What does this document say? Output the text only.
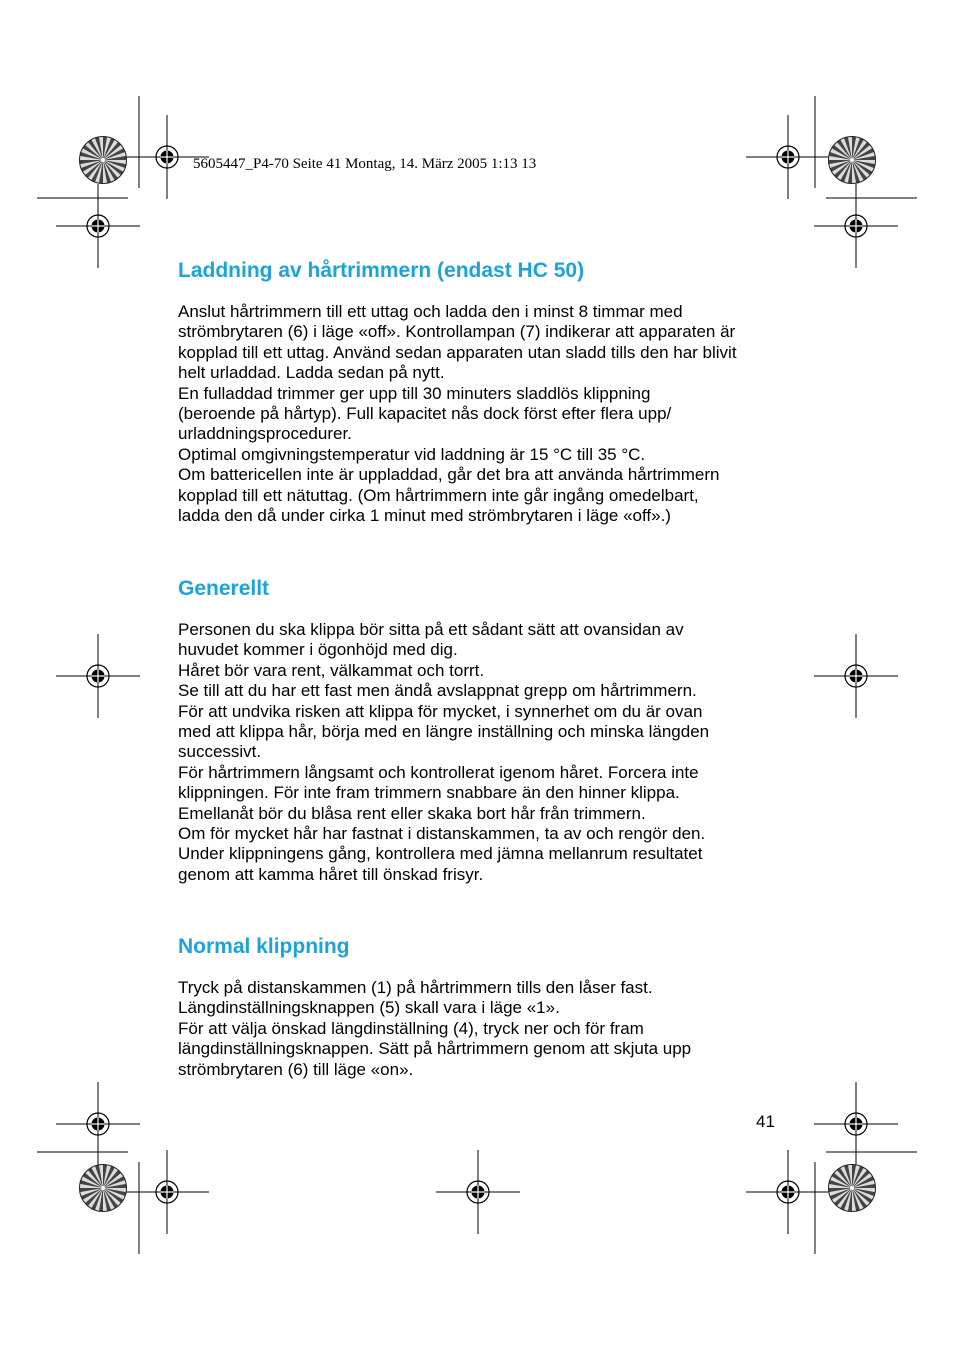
5605447_P4-70 Seite 41 Montag, 14. März 2005 1:13 13
Laddning av hårtrimmern (endast HC 50)
Anslut hårtrimmern till ett uttag och ladda den i minst 8 timmar med
strömbrytaren (6) i läge «off». Kontrollampan (7) indikerar att apparaten är
kopplad till ett uttag. Använd sedan apparaten utan sladd tills den har blivit
helt urladdad. Ladda sedan på nytt.
En fulladdad trimmer ger upp till 30 minuters sladdlös klippning
(beroende på hårtyp). Full kapacitet nås dock först efter flera upp/
urladdningsprocedurer.
Optimal omgivningstemperatur vid laddning är 15 °C till 35 °C.
Om battericellen inte är uppladdad, går det bra att använda hårtrimmern
kopplad till ett nätuttag. (Om hårtrimmern inte går ingång omedelbart,
ladda den då under cirka 1 minut med strömbrytaren i läge «off».)
Generellt
Personen du ska klippa bör sitta på ett sådant sätt att ovansidan av
huvudet kommer i ögonhöjd med dig.
Håret bör vara rent, välkammat och torrt.
Se till att du har ett fast men ändå avslappnat grepp om hårtrimmern.
För att undvika risken att klippa för mycket, i synnerhet om du är ovan
med att klippa hår, börja med en längre inställning och minska längden
successivt.
För hårtrimmern långsamt och kontrollerat igenom håret. Forcera inte
klippningen. För inte fram trimmern snabbare än den hinner klippa.
Emellanåt bör du blåsa rent eller skaka bort hår från trimmern.
Om för mycket hår har fastnat i distanskammen, ta av och rengör den.
Under klippningens gång, kontrollera med jämna mellanrum resultatet
genom att kamma håret till önskad frisyr.
Normal klippning
Tryck på distanskammen (1) på hårtrimmern tills den låser fast.
Längdinställningsknappen (5) skall vara i läge «1».
För att välja önskad längdinställning (4), tryck ner och för fram
längdinställningsknappen. Sätt på hårtrimmern genom att skjuta upp
strömbrytaren (6) till läge «on».
41
